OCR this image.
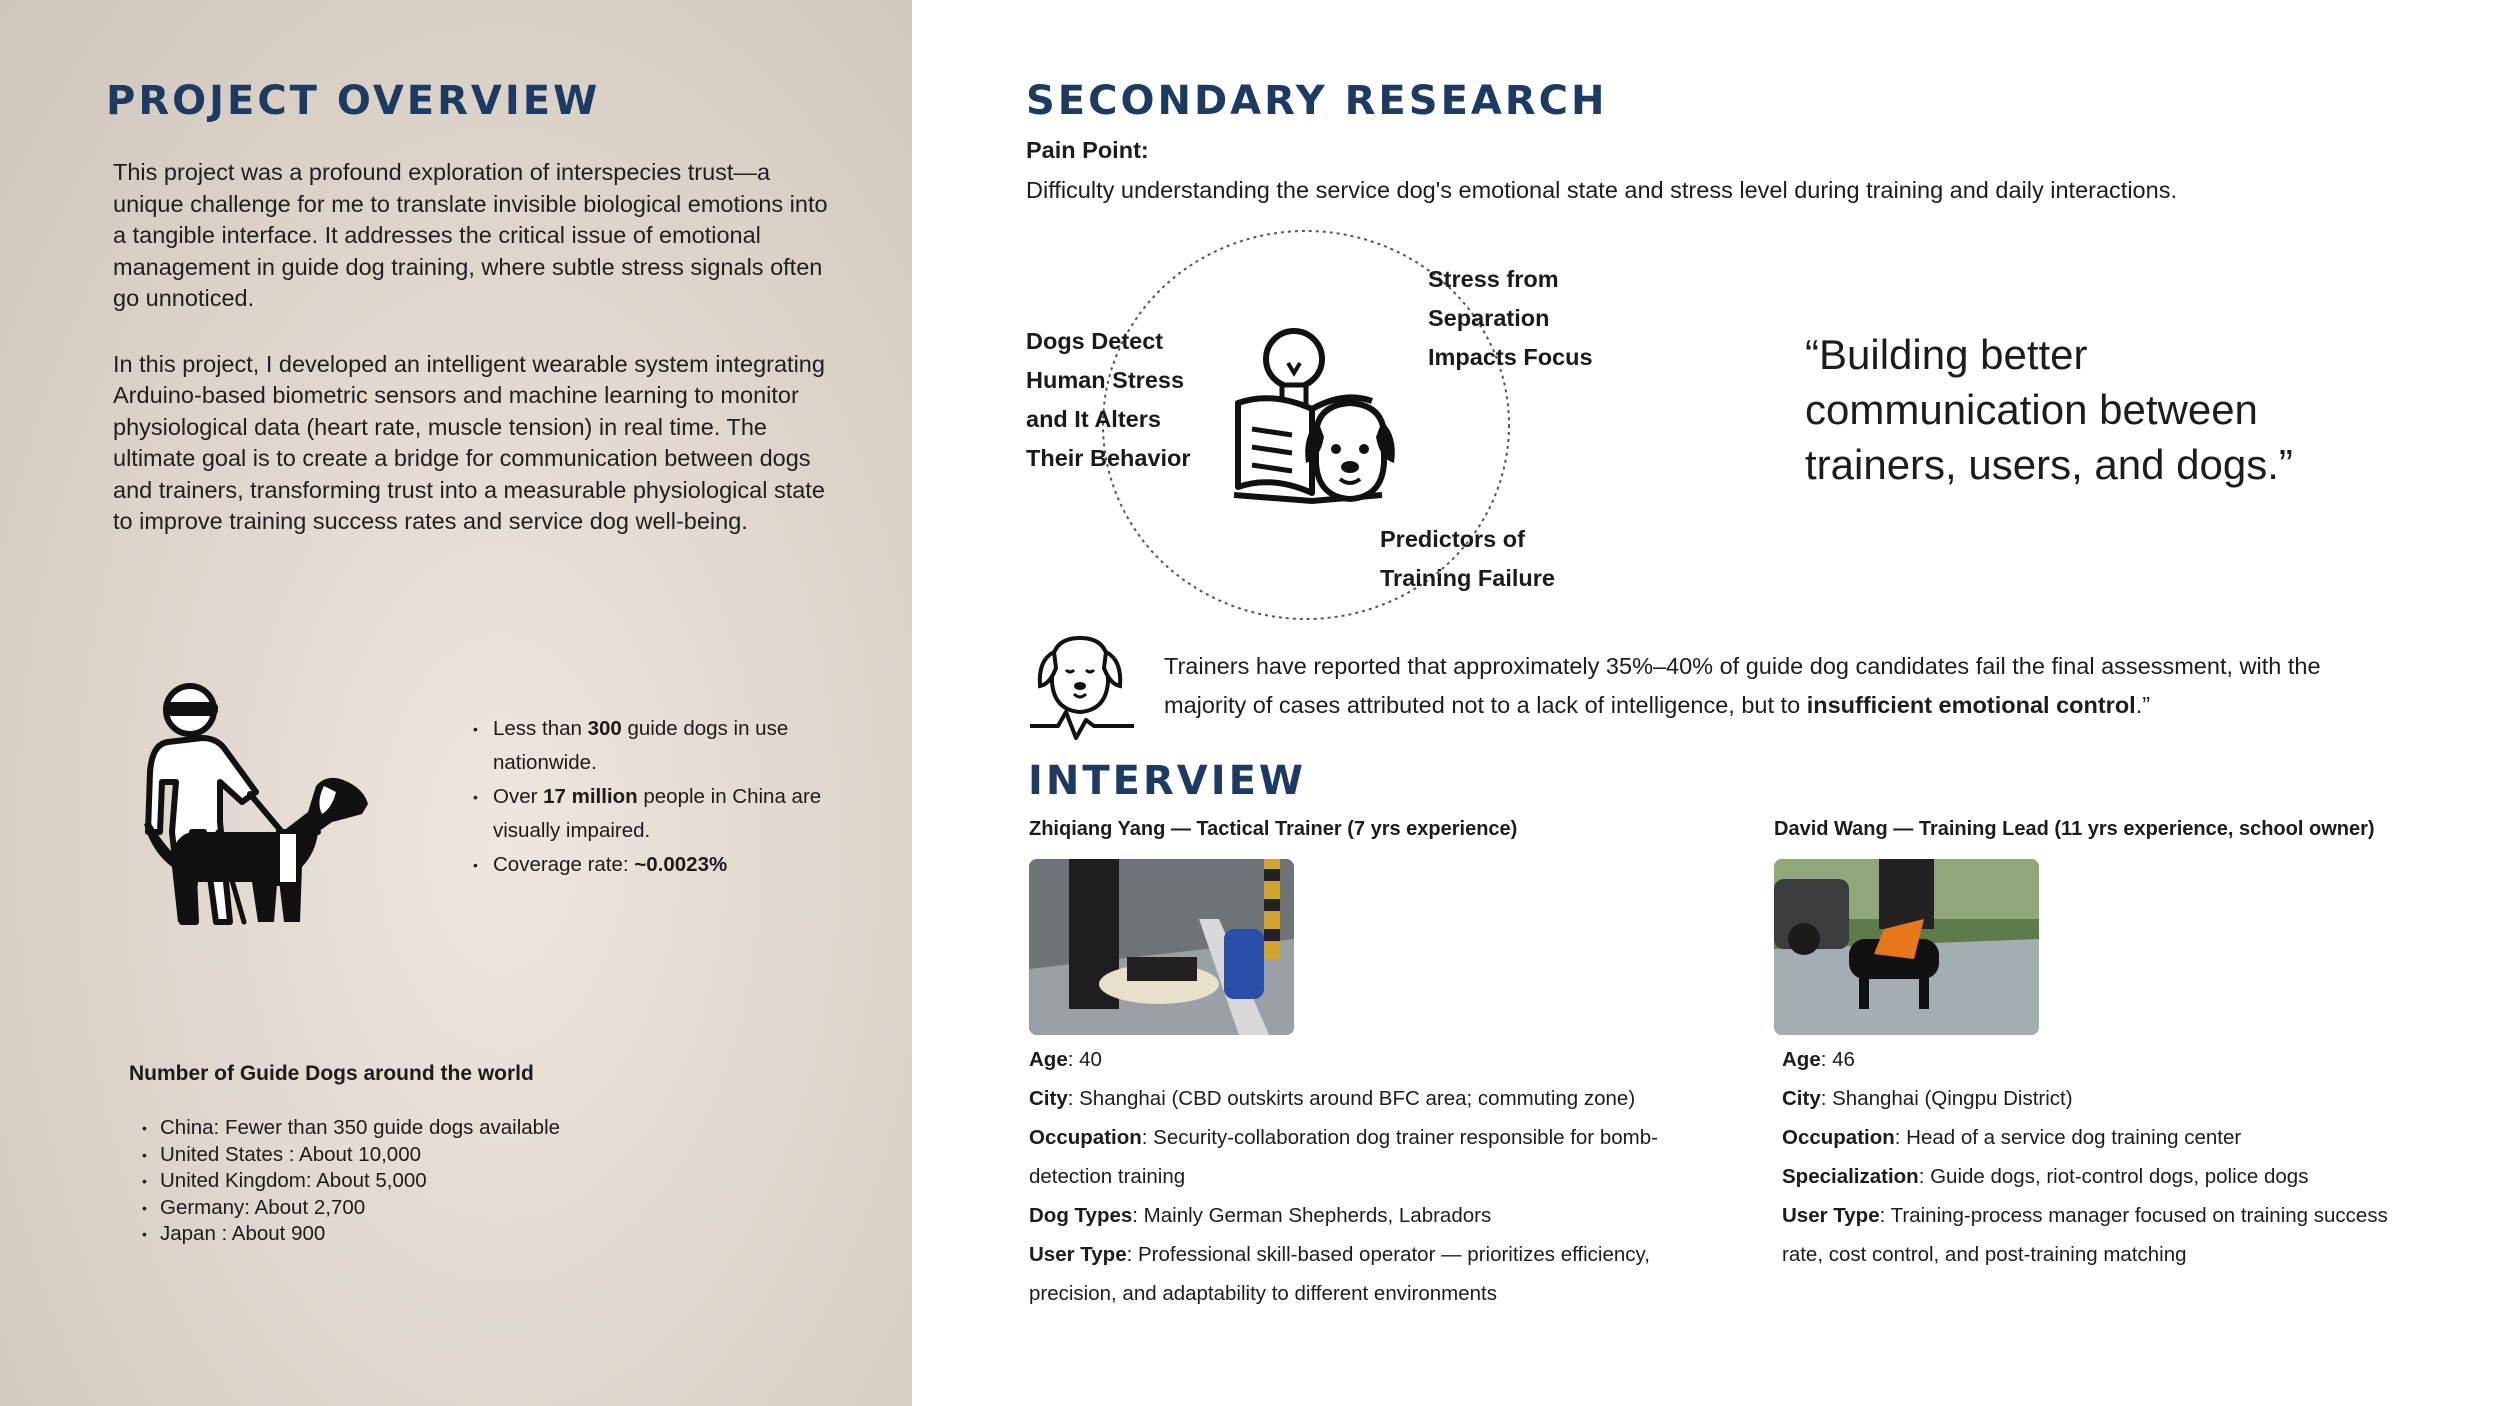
PROJECT OVERVIEW

This project was a profound exploration of interspecies trust—a unique challenge for me to translate invisible biological emotions into a tangible interface. It addresses the critical issue of emotional management in guide dog training, where subtle stress signals often go unnoticed.

In this project, I developed an intelligent wearable system integrating Arduino-based biometric sensors and machine learning to monitor physiological data (heart rate, muscle tension) in real time. The ultimate goal is to create a bridge for communication between dogs and trainers, transforming trust into a measurable physiological state to improve training success rates and service dog well-being.

• Less than 300 guide dogs in use nationwide.
• Over 17 million people in China are visually impaired.
• Coverage rate: ~0.0023%
Number of Guide Dogs around the world
• China: Fewer than 350 guide dogs available
• United States : About 10,000
• United Kingdom: About 5,000
• Germany: About 2,700
• Japan : About 900
SECONDARY RESEARCH
Pain Point:
Difficulty understanding the service dog's emotional state and stress level during training and daily interactions.
Dogs Detect Human Stress and It Alters Their Behavior
Stress from Separation Impacts Focus
Predictors of Training Failure
“Building better communication between trainers, users, and dogs.”
Trainers have reported that approximately 35%–40% of guide dog candidates fail the final assessment, with the majority of cases attributed not to a lack of intelligence, but to insufficient emotional control.”
INTERVIEW
Zhiqiang Yang — Tactical Trainer (7 yrs experience)

Age: 40

City: Shanghai (CBD outskirts around BFC area; commuting zone)

Occupation: Security-collaboration dog trainer responsible for bomb-detection training

Dog Types: Mainly German Shepherds, Labradors

User Type: Professional skill-based operator — prioritizes efficiency, precision, and adaptability to different environments

David Wang — Training Lead (11 yrs experience, school owner)

Age: 46

City: Shanghai (Qingpu District)

Occupation: Head of a service dog training center

Specialization: Guide dogs, riot-control dogs, police dogs

User Type: Training-process manager focused on training success rate, cost control, and post-training matching
